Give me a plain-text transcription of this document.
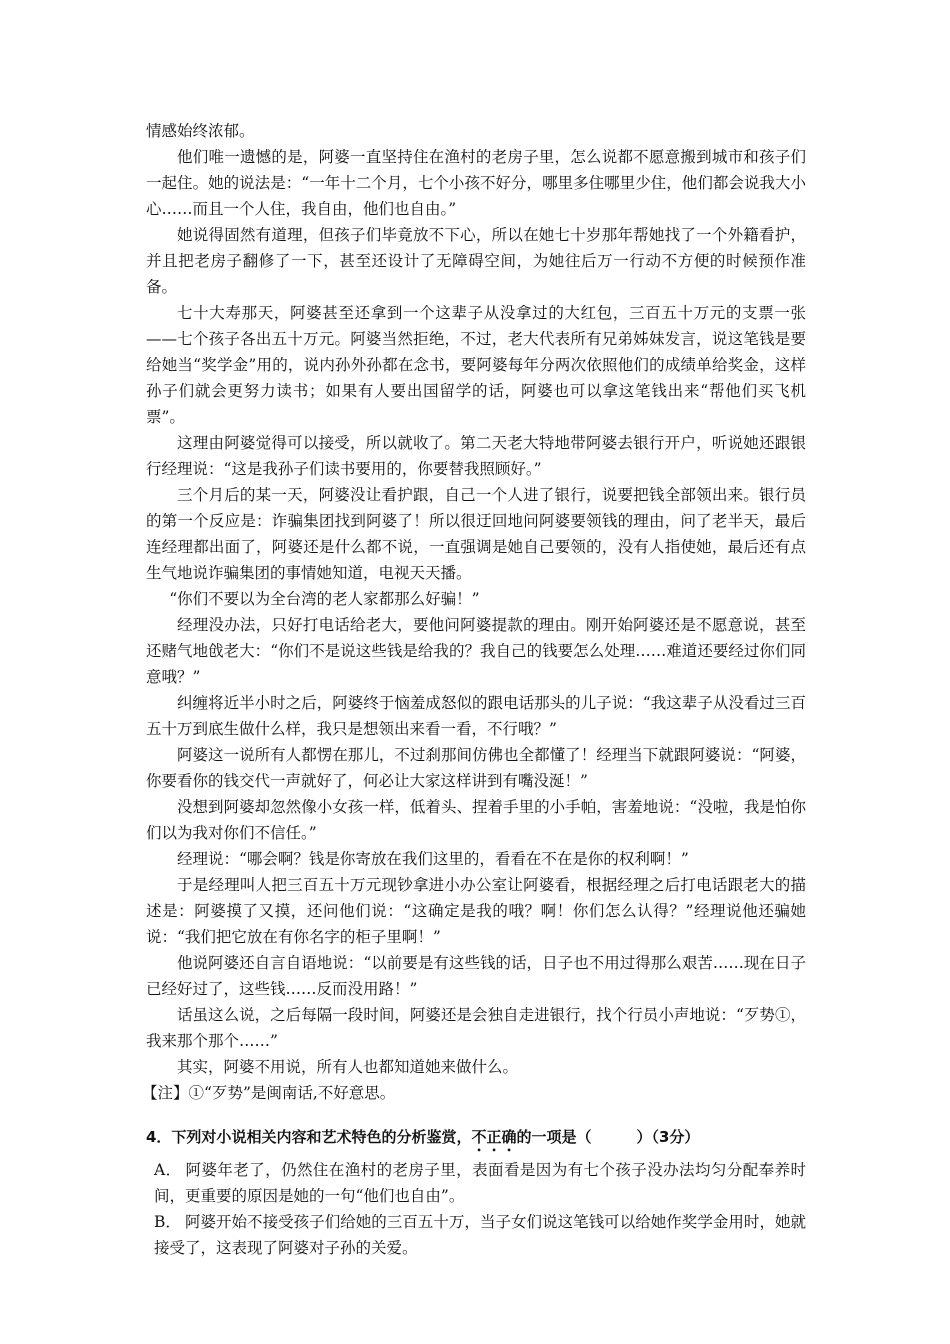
情感始终浓郁。

他们唯一遗憾的是，阿婆一直坚持住在渔村的老房子里，怎么说都不愿意搬到城市和孩子们一起住。她的说法是：“一年十二个月，七个小孩不好分，哪里多住哪里少住，他们都会说我大小心……而且一个人住，我自由，他们也自由。”

她说得固然有道理，但孩子们毕竟放不下心，所以在她七十岁那年帮她找了一个外籍看护，并且把老房子翻修了一下，甚至还设计了无障碍空间，为她往后万一行动不方便的时候预作准备。

七十大寿那天，阿婆甚至还拿到一个这辈子从没拿过的大红包，三百五十万元的支票一张——七个孩子各出五十万元。阿婆当然拒绝，不过，老大代表所有兄弟姊妹发言，说这笔钱是要给她当“奖学金”用的，说内孙外孙都在念书，要阿婆每年分两次依照他们的成绩单给奖金，这样孙子们就会更努力读书；如果有人要出国留学的话，阿婆也可以拿这笔钱出来“帮他们买飞机票”。

这理由阿婆觉得可以接受，所以就收了。第二天老大特地带阿婆去银行开户，听说她还跟银行经理说：“这是我孙子们读书要用的，你要替我照顾好。”

三个月后的某一天，阿婆没让看护跟，自己一个人进了银行，说要把钱全部领出来。银行员的第一个反应是：诈骗集团找到阿婆了！所以很迂回地问阿婆要领钱的理由，问了老半天，最后连经理都出面了，阿婆还是什么都不说，一直强调是她自己要领的，没有人指使她，最后还有点生气地说诈骗集团的事情她知道，电视天天播。

“你们不要以为全台湾的老人家都那么好骗！”

经理没办法，只好打电话给老大，要他问阿婆提款的理由。刚开始阿婆还是不愿意说，甚至还赌气地戗老大：“你们不是说这些钱是给我的？我自己的钱要怎么处理……难道还要经过你们同意哦？”

纠缠将近半小时之后，阿婆终于恼羞成怒似的跟电话那头的儿子说：“我这辈子从没看过三百五十万到底生做什么样，我只是想领出来看一看，不行哦？”

阿婆这一说所有人都愣在那儿，不过刹那间仿佛也全都懂了！经理当下就跟阿婆说：“阿婆，你要看你的钱交代一声就好了，何必让大家这样讲到有嘴没涎！”

没想到阿婆却忽然像小女孩一样，低着头、捏着手里的小手帕，害羞地说：“没啦，我是怕你们以为我对你们不信任。”

经理说：“哪会啊？钱是你寄放在我们这里的，看看在不在是你的权利啊！”

于是经理叫人把三百五十万元现钞拿进小办公室让阿婆看，根据经理之后打电话跟老大的描述是：阿婆摸了又摸，还问他们说：“这确定是我的哦？啊！你们怎么认得？”经理说他还骗她说：“我们把它放在有你名字的柜子里啊！”

他说阿婆还自言自语地说：“以前要是有这些钱的话，日子也不用过得那么艰苦……现在日子已经好过了，这些钱……反而没用路！”

话虽这么说，之后每隔一段时间，阿婆还是会独自走进银行，找个行员小声地说：“歹势①，我来那个那个……”

其实，阿婆不用说，所有人也都知道她来做什么。

【注】①“歹势”是闽南话,不好意思。

4．下列对小说相关内容和艺术特色的分析鉴赏，不正确的一项是（　　　）（3分）

A． 阿婆年老了，仍然住在渔村的老房子里，表面看是因为有七个孩子没办法均匀分配奉养时间，更重要的原因是她的一句“他们也自由”。

B． 阿婆开始不接受孩子们给她的三百五十万，当子女们说这笔钱可以给她作奖学金用时，她就接受了，这表现了阿婆对子孙的关爱。
